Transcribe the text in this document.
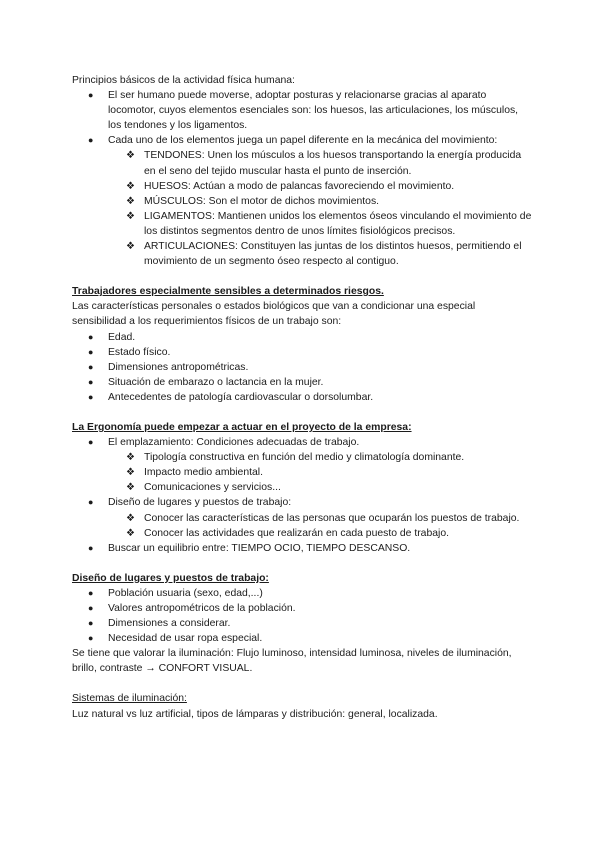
Principios básicos de la actividad física humana:

● El ser humano puede moverse, adoptar posturas y relacionarse gracias al aparato locomotor, cuyos elementos esenciales son: los huesos, las articulaciones, los músculos, los tendones y los ligamentos.
● Cada uno de los elementos juega un papel diferente en la mecánica del movimiento:
❖ TENDONES: Unen los músculos a los huesos transportando la energía producida en el seno del tejido muscular hasta el punto de inserción.
❖ HUESOS: Actúan a modo de palancas favoreciendo el movimiento.
❖ MÚSCULOS: Son el motor de dichos movimientos.
❖ LIGAMENTOS: Mantienen unidos los elementos óseos vinculando el movimiento de los distintos segmentos dentro de unos límites fisiológicos precisos.
❖ ARTICULACIONES: Constituyen las juntas de los distintos huesos, permitiendo el movimiento de un segmento óseo respecto al contiguo.

Trabajadores especialmente sensibles a determinados riesgos.

Las características personales o estados biológicos que van a condicionar una especial sensibilidad a los requerimientos físicos de un trabajo son:

● Edad.
● Estado físico.
● Dimensiones antropométricas.
● Situación de embarazo o lactancia en la mujer.
● Antecedentes de patología cardiovascular o dorsolumbar.

La Ergonomía puede empezar a actuar en el proyecto de la empresa:

● El emplazamiento: Condiciones adecuadas de trabajo.
❖ Tipología constructiva en función del medio y climatología dominante.
❖ Impacto medio ambiental.
❖ Comunicaciones y servicios...
● Diseño de lugares y puestos de trabajo:
❖ Conocer las características de las personas que ocuparán los puestos de trabajo.
❖ Conocer las actividades que realizarán en cada puesto de trabajo.
● Buscar un equilibrio entre: TIEMPO OCIO, TIEMPO DESCANSO.

Diseño de lugares y puestos de trabajo:

● Población usuaria (sexo, edad,...)
● Valores antropométricos de la población.
● Dimensiones a considerar.
● Necesidad de usar ropa especial.

Se tiene que valorar la iluminación: Flujo luminoso, intensidad luminosa, niveles de iluminación, brillo, contraste → CONFORT VISUAL.

Sistemas de iluminación:

Luz natural vs luz artificial, tipos de lámparas y distribución: general, localizada.
